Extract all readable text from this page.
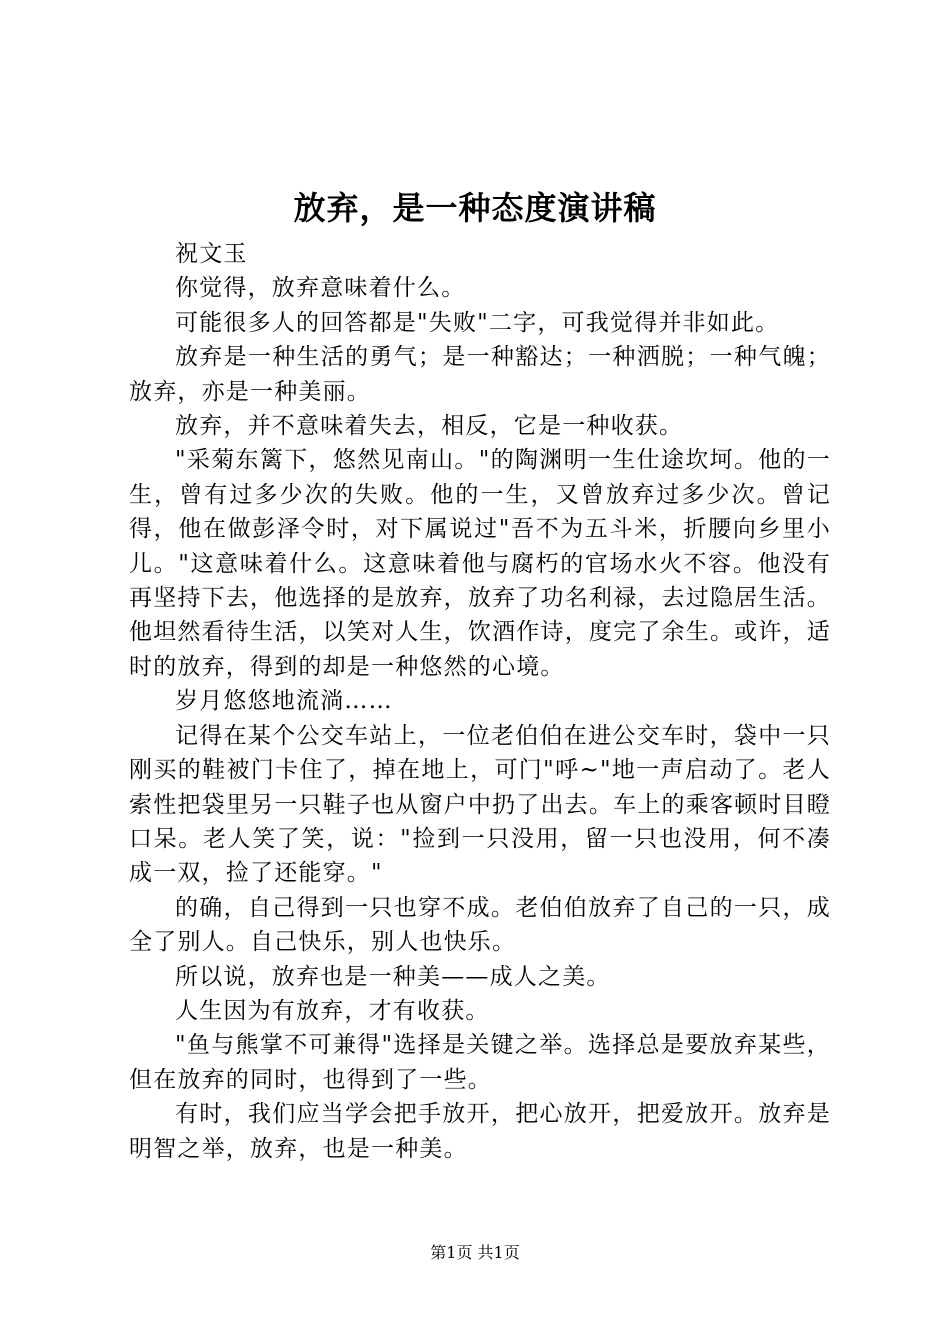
放弃，是一种态度演讲稿

祝文玉

你觉得，放弃意味着什么。

可能很多人的回答都是"失败"二字，可我觉得并非如此。

放弃是一种生活的勇气；是一种豁达；一种洒脱；一种气魄；放弃，亦是一种美丽。

放弃，并不意味着失去，相反，它是一种收获。

"采菊东篱下，悠然见南山。"的陶渊明一生仕途坎坷。他的一生，曾有过多少次的失败。他的一生，又曾放弃过多少次。曾记得，他在做彭泽令时，对下属说过"吾不为五斗米，折腰向乡里小儿。"这意味着什么。这意味着他与腐朽的官场水火不容。他没有再坚持下去，他选择的是放弃，放弃了功名利禄，去过隐居生活。他坦然看待生活，以笑对人生，饮酒作诗，度完了余生。或许，适时的放弃，得到的却是一种悠然的心境。

岁月悠悠地流淌……

记得在某个公交车站上，一位老伯伯在进公交车时，袋中一只刚买的鞋被门卡住了，掉在地上，可门"呼~"地一声启动了。老人索性把袋里另一只鞋子也从窗户中扔了出去。车上的乘客顿时目瞪口呆。老人笑了笑，说："捡到一只没用，留一只也没用，何不凑成一双，捡了还能穿。"

的确，自己得到一只也穿不成。老伯伯放弃了自己的一只，成全了别人。自己快乐，别人也快乐。

所以说，放弃也是一种美——成人之美。

人生因为有放弃，才有收获。

"鱼与熊掌不可兼得"选择是关键之举。选择总是要放弃某些，但在放弃的同时，也得到了一些。

有时，我们应当学会把手放开，把心放开，把爱放开。放弃是明智之举，放弃，也是一种美。

第1页 共1页
